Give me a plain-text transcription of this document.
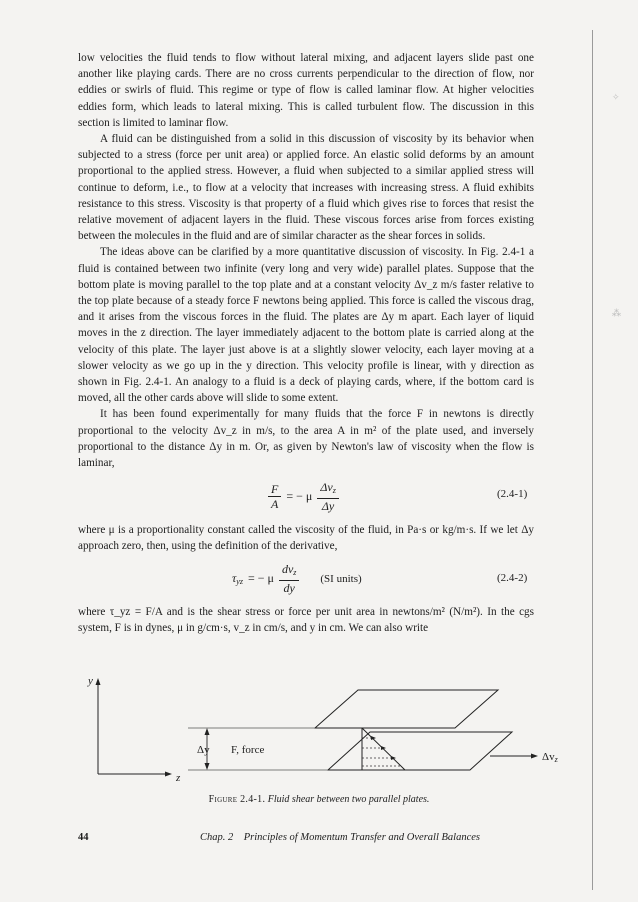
✧
⁂

low velocities the fluid tends to flow without lateral mixing, and adjacent layers slide past one another like playing cards. There are no cross currents perpendicular to the direction of flow, nor eddies or swirls of fluid. This regime or type of flow is called laminar flow. At higher velocities eddies form, which leads to lateral mixing. This is called turbulent flow. The discussion in this section is limited to laminar flow.

A fluid can be distinguished from a solid in this discussion of viscosity by its behavior when subjected to a stress (force per unit area) or applied force. An elastic solid deforms by an amount proportional to the applied stress. However, a fluid when subjected to a similar applied stress will continue to deform, i.e., to flow at a velocity that increases with increasing stress. A fluid exhibits resistance to this stress. Viscosity is that property of a fluid which gives rise to forces that resist the relative movement of adjacent layers in the fluid. These viscous forces arise from forces existing between the molecules in the fluid and are of similar character as the shear forces in solids.

The ideas above can be clarified by a more quantitative discussion of viscosity. In Fig. 2.4-1 a fluid is contained between two infinite (very long and very wide) parallel plates. Suppose that the bottom plate is moving parallel to the top plate and at a constant velocity Δv_z m/s faster relative to the top plate because of a steady force F newtons being applied. This force is called the viscous drag, and it arises from the viscous forces in the fluid. The plates are Δy m apart. Each layer of liquid moves in the z direction. The layer immediately adjacent to the bottom plate is carried along at the velocity of this plate. The layer just above is at a slightly slower velocity, each layer moving at a slower velocity as we go up in the y direction. This velocity profile is linear, with y direction as shown in Fig. 2.4-1. An analogy to a fluid is a deck of playing cards, where, if the bottom card is moved, all the other cards above will slide to some extent.

It has been found experimentally for many fluids that the force F in newtons is directly proportional to the velocity Δv_z in m/s, to the area A in m² of the plate used, and inversely proportional to the distance Δy in m. Or, as given by Newton's law of viscosity when the flow is laminar,

$\frac{F}{A}$ = − μ $\frac{\Delta v_z}{\Delta y}$	(2.4-1)

where μ is a proportionality constant called the viscosity of the fluid, in Pa·s or kg/m·s. If we let Δy approach zero, then, using the definition of the derivative,

$\tau_{yz}$ = − μ $\frac{dv_z}{dy} (SI$ units)	(2.4-2)

where τ_yz = F/A and is the shear stress or force per unit area in newtons/m² (N/m²). In the cgs system, F is in dynes, μ in g/cm·s, v_z in cm/s, and y in cm. We can also write

y
z
Δy F, force
Δvz
Figure 2.4-1. Fluid shear between two parallel plates.
44	Chap. 2 Principles of Momentum Transfer and Overall Balances
